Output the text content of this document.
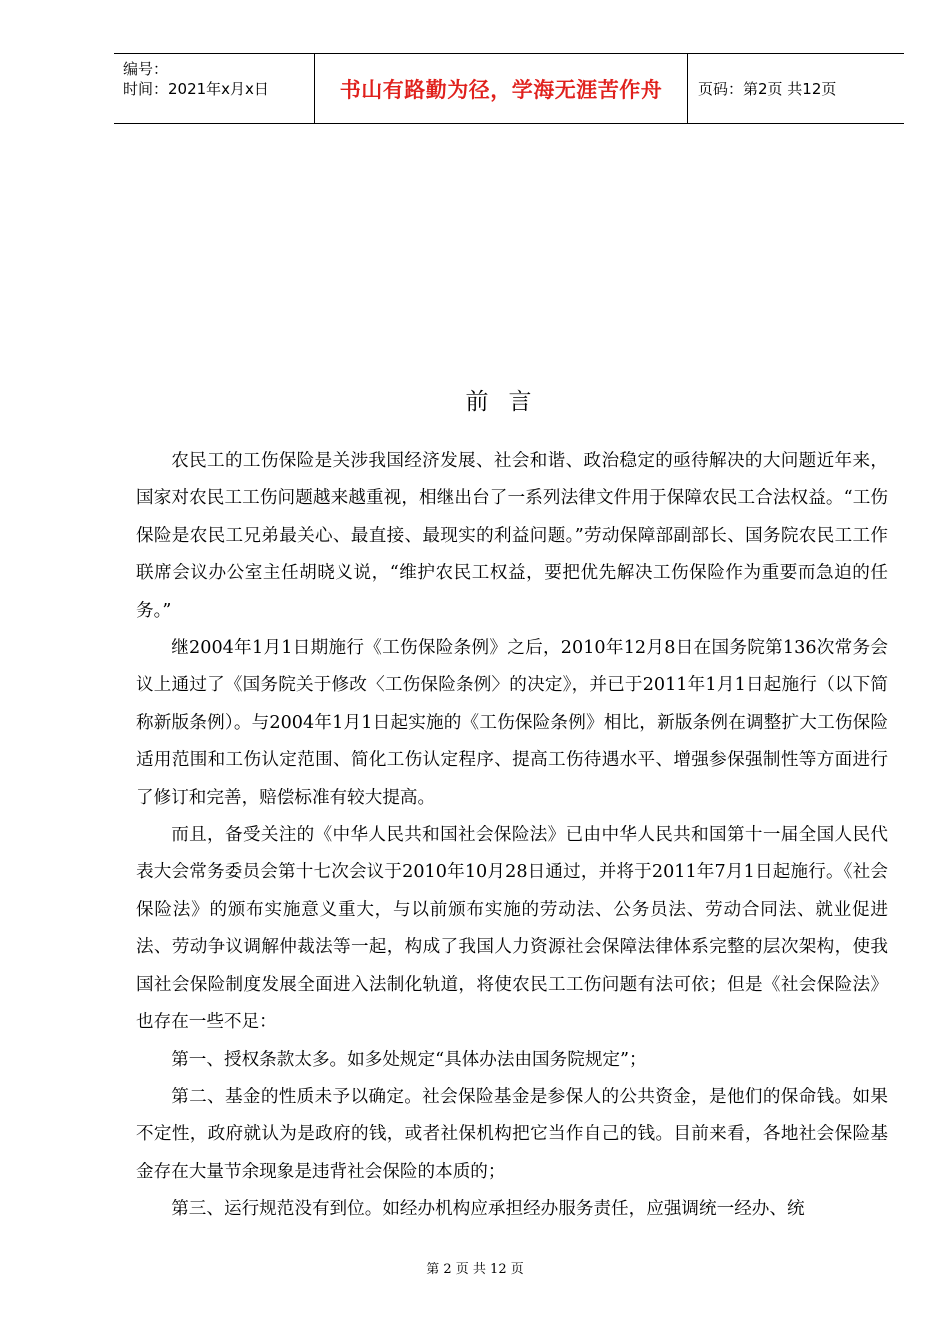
编号：
时间：2021年x月x日	书山有路勤为径，学海无涯苦作舟	页码：第2页 共12页
前言

农民工的工伤保险是关涉我国经济发展、社会和谐、政治稳定的亟待解决的大问题近年来，国家对农民工工伤问题越来越重视，相继出台了一系列法律文件用于保障农民工合法权益。“工伤保险是农民工兄弟最关心、最直接、最现实的利益问题。”劳动保障部副部长、国务院农民工工作联席会议办公室主任胡晓义说，“维护农民工权益，要把优先解决工伤保险作为重要而急迫的任务。”

继2004年1月1日期施行《工伤保险条例》之后，2010年12月8日在国务院第136次常务会议上通过了《国务院关于修改〈工伤保险条例〉的决定》，并已于2011年1月1日起施行（以下简称新版条例）。与2004年1月1日起实施的《工伤保险条例》相比，新版条例在调整扩大工伤保险适用范围和工伤认定范围、简化工伤认定程序、提高工伤待遇水平、增强参保强制性等方面进行了修订和完善，赔偿标准有较大提高。

而且，备受关注的《中华人民共和国社会保险法》已由中华人民共和国第十一届全国人民代表大会常务委员会第十七次会议于2010年10月28日通过，并将于2011年7月1日起施行。《社会保险法》的颁布实施意义重大，与以前颁布实施的劳动法、公务员法、劳动合同法、就业促进法、劳动争议调解仲裁法等一起，构成了我国人力资源社会保障法律体系完整的层次架构，使我国社会保险制度发展全面进入法制化轨道，将使农民工工伤问题有法可依；但是《社会保险法》也存在一些不足：

第一、授权条款太多。如多处规定“具体办法由国务院规定”；

第二、基金的性质未予以确定。社会保险基金是参保人的公共资金，是他们的保命钱。如果不定性，政府就认为是政府的钱，或者社保机构把它当作自己的钱。目前来看，各地社会保险基金存在大量节余现象是违背社会保险的本质的；

第三、运行规范没有到位。如经办机构应承担经办服务责任，应强调统一经办、统

第 2 页 共 12 页
